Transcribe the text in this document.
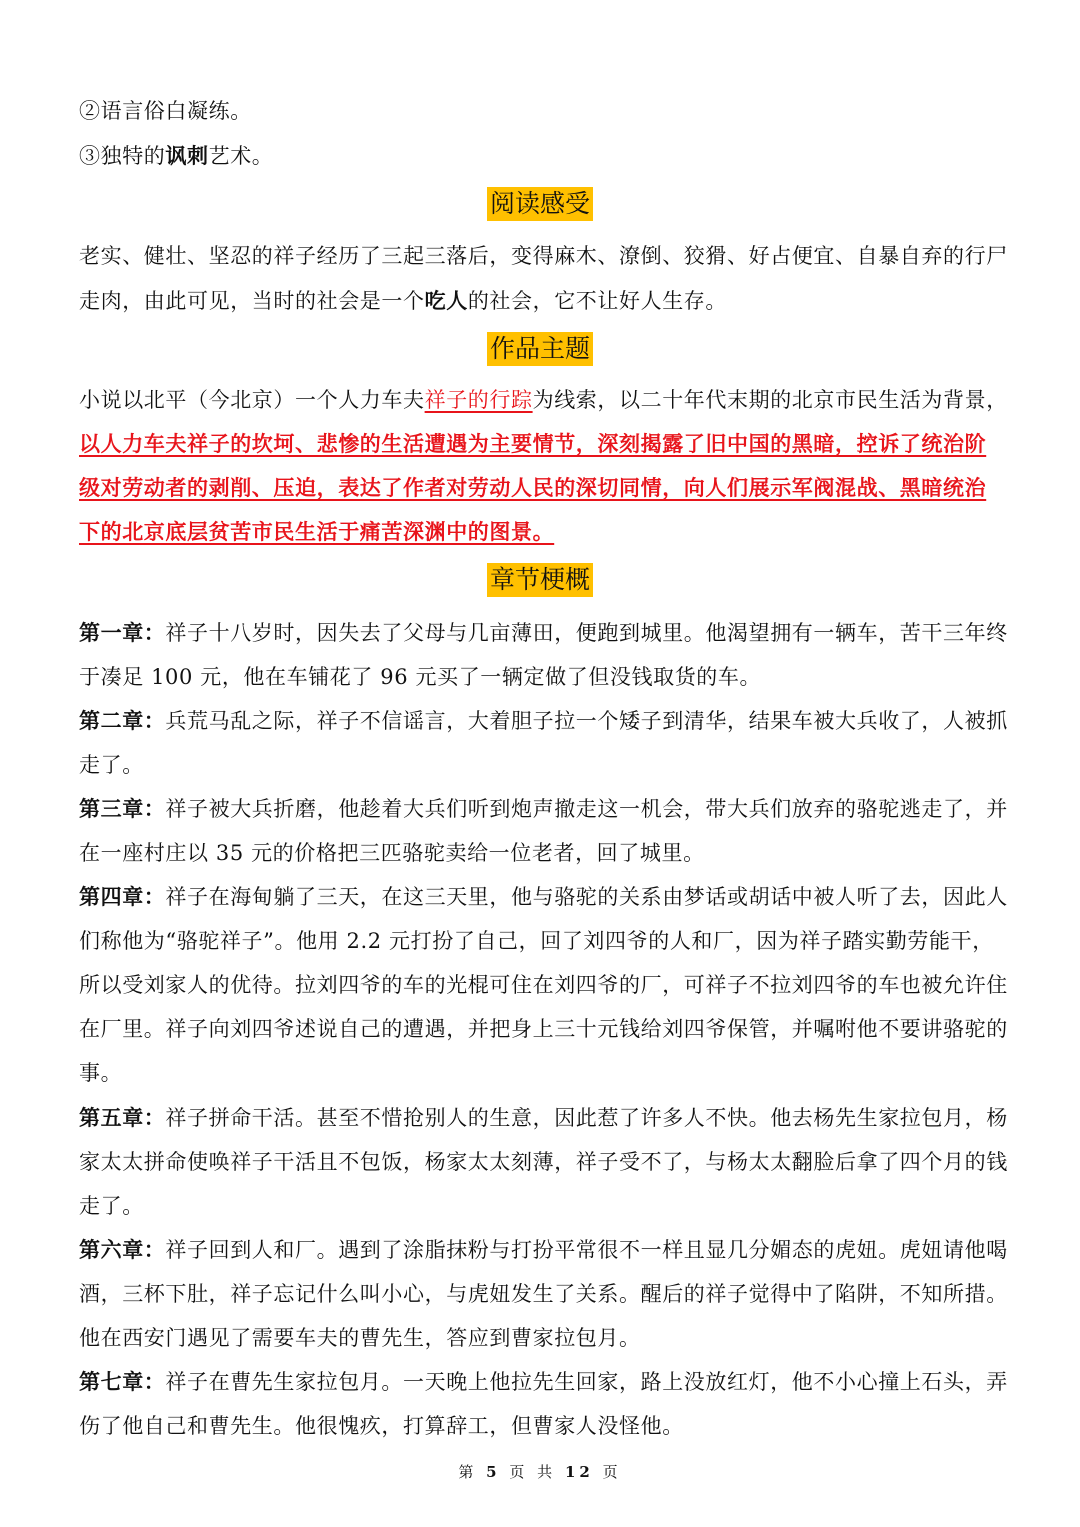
②语言俗白凝练。
③独特的讽刺艺术。
阅读感受
老实、健壮、坚忍的祥子经历了三起三落后，变得麻木、潦倒、狡猾、好占便宜、自暴自弃的行尸
走肉，由此可见，当时的社会是一个吃人的社会，它不让好人生存。
作品主题
小说以北平（今北京）一个人力车夫祥子的行踪为线索，以二十年代末期的北京市民生活为背景，
以人力车夫祥子的坎坷、悲惨的生活遭遇为主要情节，深刻揭露了旧中国的黑暗，控诉了统治阶
级对劳动者的剥削、压迫，表达了作者对劳动人民的深切同情，向人们展示军阀混战、黑暗统治
下的北京底层贫苦市民生活于痛苦深渊中的图景。
章节梗概
第一章：祥子十八岁时，因失去了父母与几亩薄田，便跑到城里。他渴望拥有一辆车，苦干三年终
于凑足 100 元，他在车铺花了 96 元买了一辆定做了但没钱取货的车。
第二章：兵荒马乱之际，祥子不信谣言，大着胆子拉一个矮子到清华，结果车被大兵收了，人被抓
走了。
第三章：祥子被大兵折磨，他趁着大兵们听到炮声撤走这一机会，带大兵们放弃的骆驼逃走了，并
在一座村庄以 35 元的价格把三匹骆驼卖给一位老者，回了城里。
第四章：祥子在海甸躺了三天，在这三天里，他与骆驼的关系由梦话或胡话中被人听了去，因此人
们称他为“骆驼祥子”。他用 2.2 元打扮了自己，回了刘四爷的人和厂，因为祥子踏实勤劳能干，
所以受刘家人的优待。拉刘四爷的车的光棍可住在刘四爷的厂，可祥子不拉刘四爷的车也被允许住
在厂里。祥子向刘四爷述说自己的遭遇，并把身上三十元钱给刘四爷保管，并嘱咐他不要讲骆驼的
事。
第五章：祥子拼命干活。甚至不惜抢别人的生意，因此惹了许多人不快。他去杨先生家拉包月，杨
家太太拼命使唤祥子干活且不包饭，杨家太太刻薄，祥子受不了，与杨太太翻脸后拿了四个月的钱
走了。
第六章：祥子回到人和厂。遇到了涂脂抹粉与打扮平常很不一样且显几分媚态的虎妞。虎妞请他喝
酒，三杯下肚，祥子忘记什么叫小心，与虎妞发生了关系。醒后的祥子觉得中了陷阱，不知所措。
他在西安门遇见了需要车夫的曹先生，答应到曹家拉包月。
第七章：祥子在曹先生家拉包月。一天晚上他拉先生回家，路上没放红灯，他不小心撞上石头，弄
伤了他自己和曹先生。他很愧疚，打算辞工，但曹家人没怪他。
第 5 页 共 12 页
